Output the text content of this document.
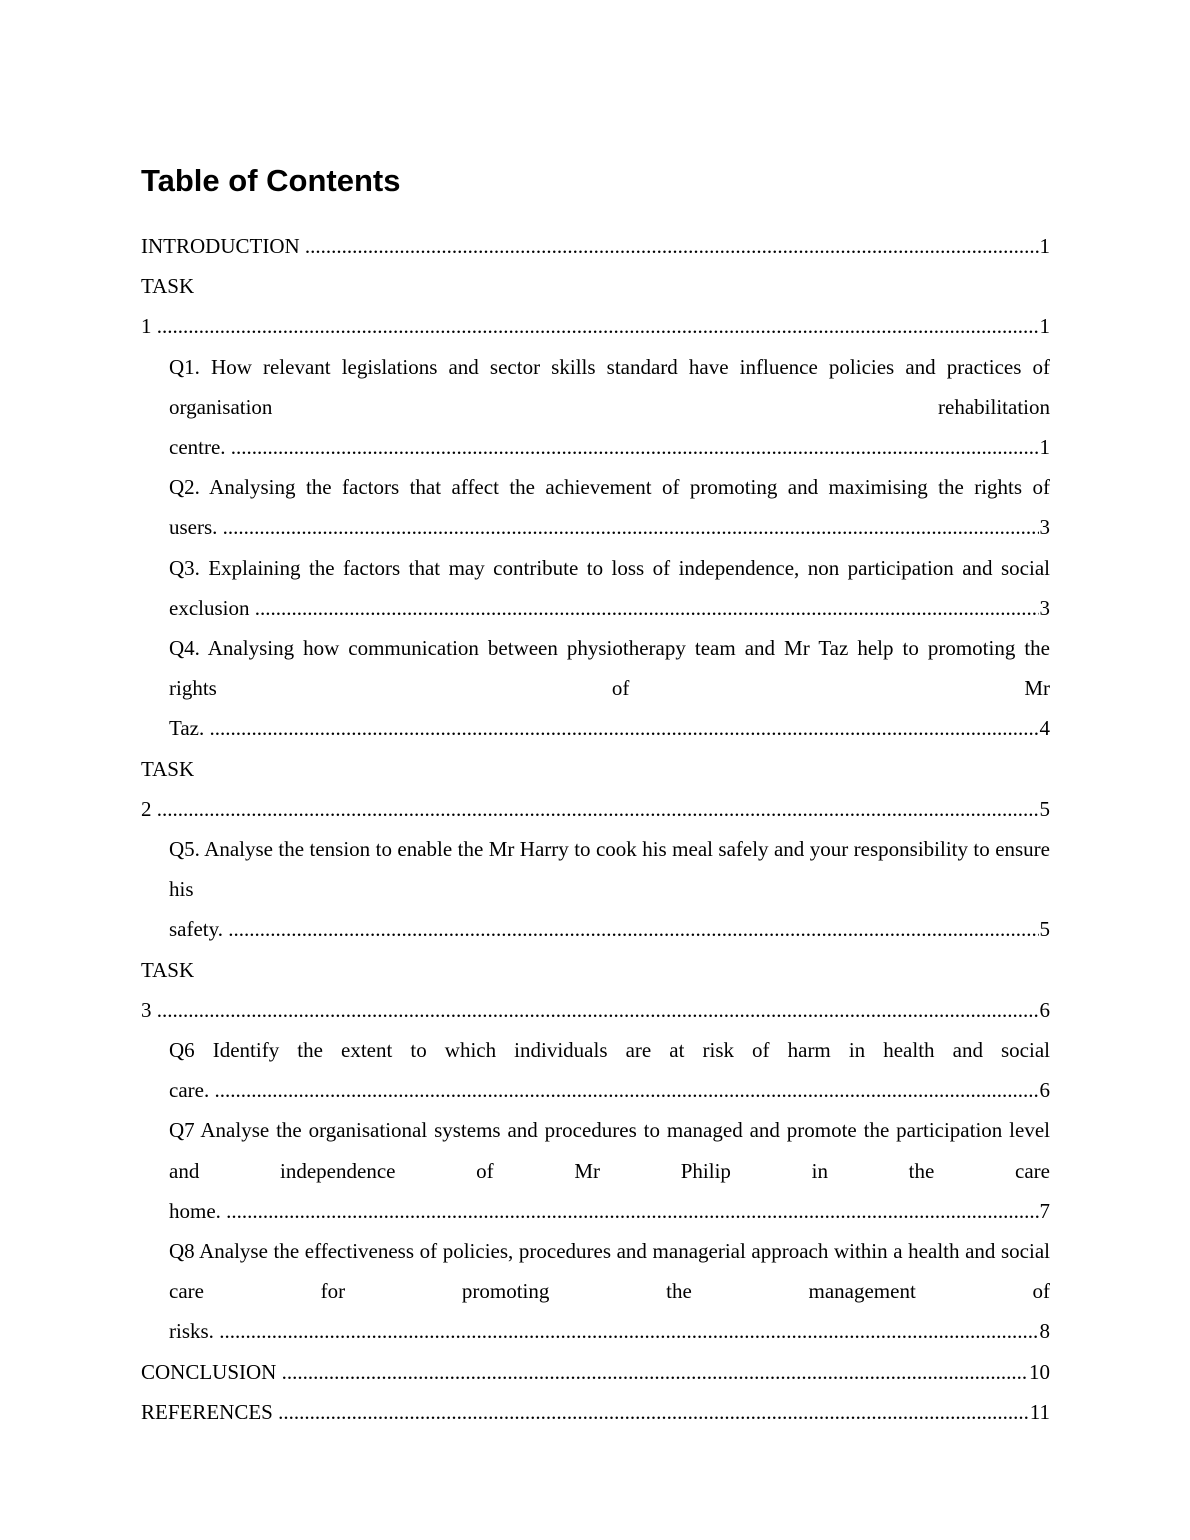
Table of Contents
INTRODUCTION .....	1
TASK 1 .....	1
Q1. How relevant legislations and sector skills standard have influence policies and practices of organisation rehabilitation centre. .....	1
Q2. Analysing the factors that affect the achievement of promoting and maximising the rights of users. .....	3
Q3. Explaining the factors that may contribute to loss of independence, non participation and social exclusion .....	3
Q4. Analysing how communication between physiotherapy team and Mr Taz help to promoting the rights of Mr Taz. .....	4
TASK 2 .....	5
Q5. Analyse the tension to enable the Mr Harry to cook his meal safely and your responsibility to ensure his safety. .....	5
TASK 3 .....	6
Q6 Identify the extent to which individuals are at risk of harm in health and social care. .....	6
Q7 Analyse the organisational systems and procedures to managed and promote the participation level and independence of Mr Philip in the care home. .....	7
Q8 Analyse the effectiveness of policies, procedures and managerial approach within a health and social care for promoting the management of risks. .....	8
CONCLUSION .....	10
REFERENCES .....	11
